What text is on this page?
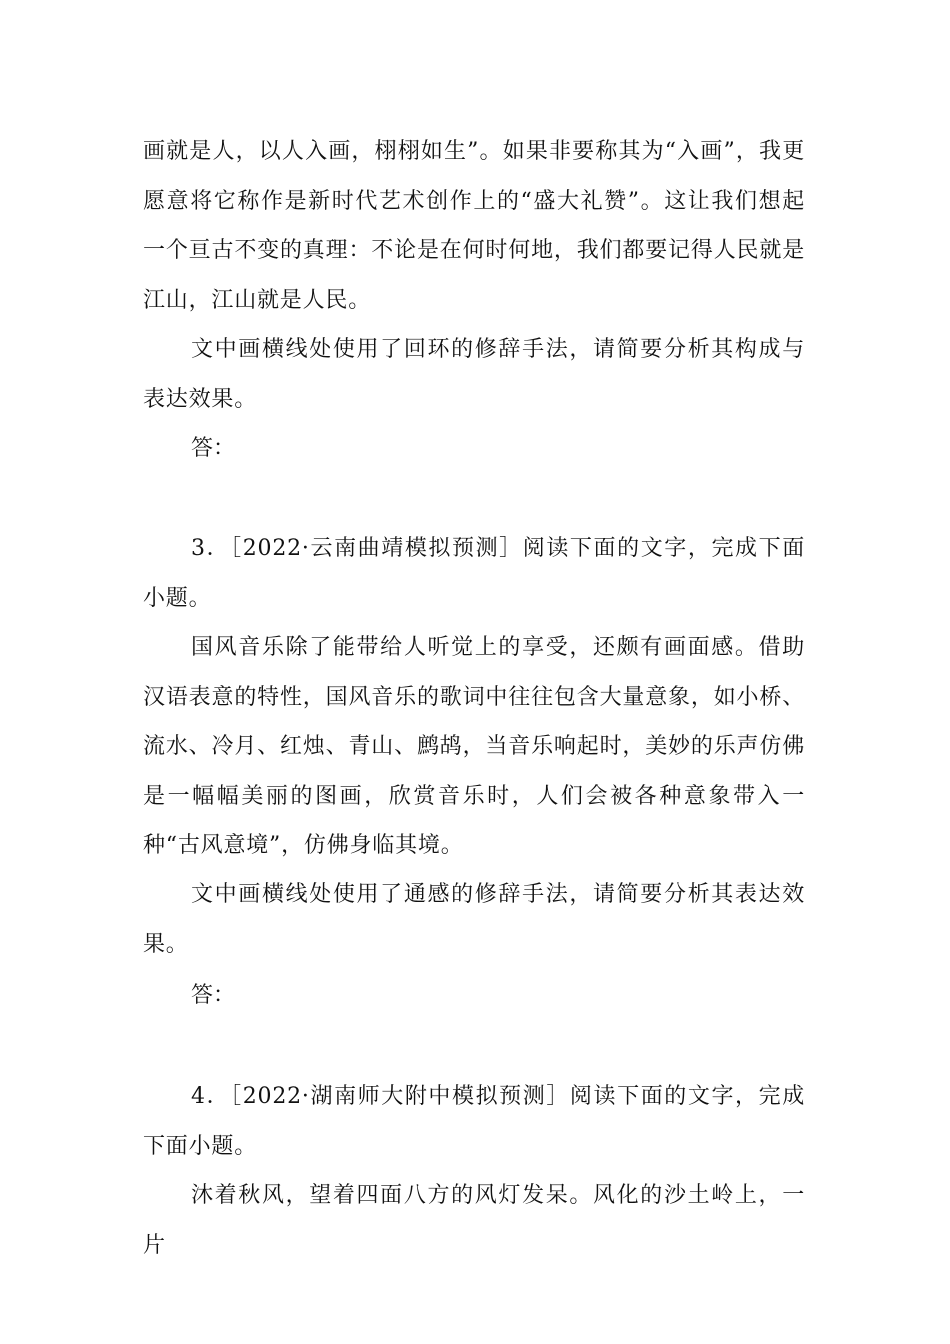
画就是人，以人入画，栩栩如生”。如果非要称其为“入画”，我更愿意将它称作是新时代艺术创作上的“盛大礼赞”。这让我们想起一个亘古不变的真理：不论是在何时何地，我们都要记得人民就是江山，江山就是人民。

文中画横线处使用了回环的修辞手法，请简要分析其构成与表达效果。

答：

3．［2022·云南曲靖模拟预测］阅读下面的文字，完成下面小题。

国风音乐除了能带给人听觉上的享受，还颇有画面感。借助汉语表意的特性，国风音乐的歌词中往往包含大量意象，如小桥、流水、冷月、红烛、青山、鹧鸪，当音乐响起时，美妙的乐声仿佛是一幅幅美丽的图画，欣赏音乐时，人们会被各种意象带入一种“古风意境”，仿佛身临其境。

文中画横线处使用了通感的修辞手法，请简要分析其表达效果。

答：

4．［2022·湖南师大附中模拟预测］阅读下面的文字，完成下面小题。

沐着秋风，望着四面八方的风灯发呆。风化的沙土岭上，一片
